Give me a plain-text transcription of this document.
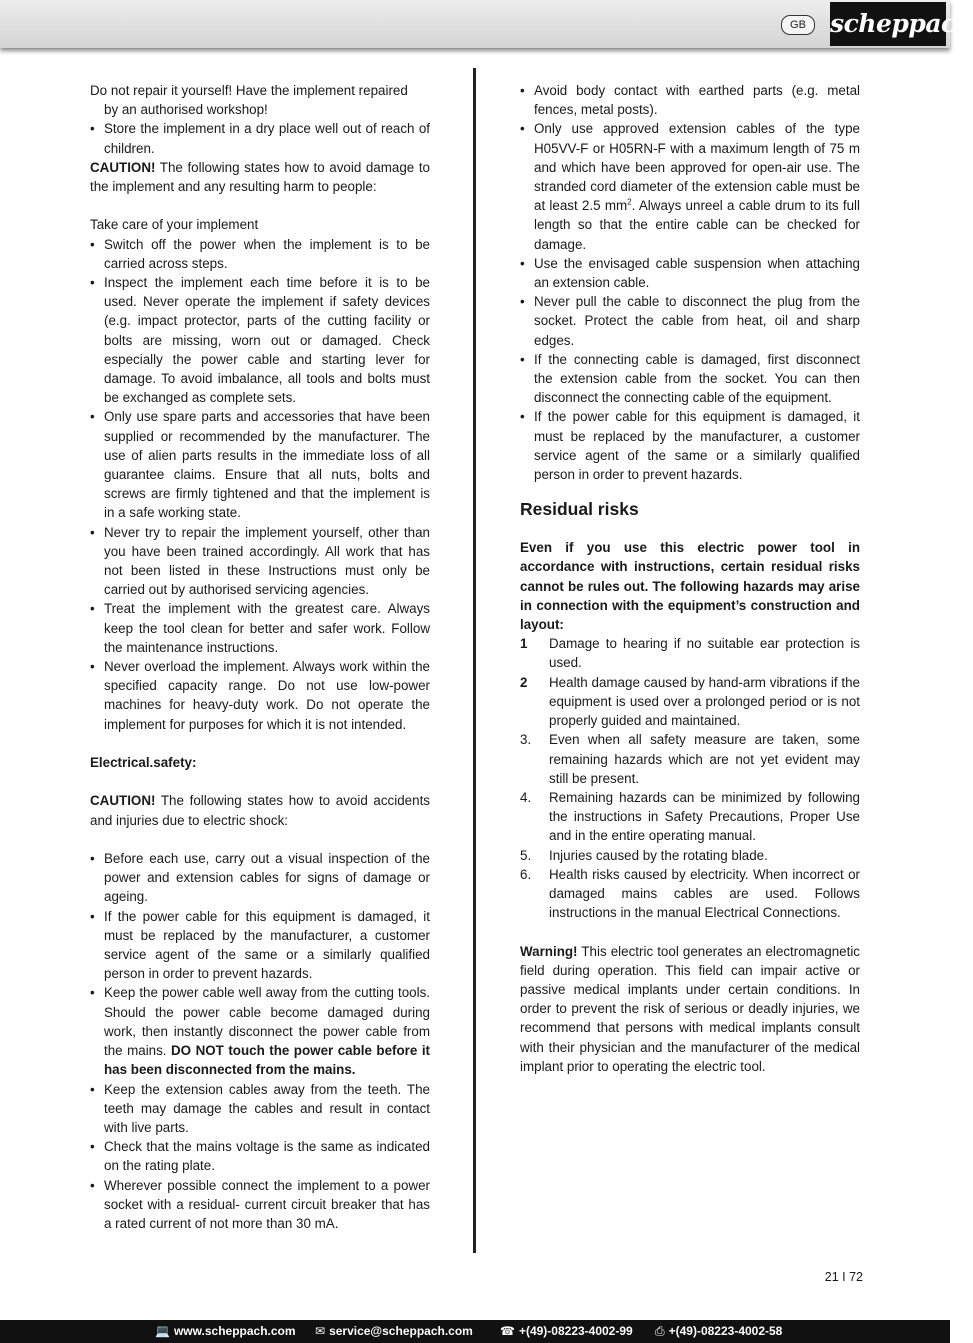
GB scheppach

Do not repair it yourself! Have the implement repaired

by an authorised workshop!

• Store the implement in a dry place well out of reach of children.

CAUTION! The following states how to avoid damage to the implement and any resulting harm to people:

Take care of your implement

• Switch off the power when the implement is to be carried across steps.
• Inspect the implement each time before it is to be used. Never operate the implement if safety devices (e.g. impact protector, parts of the cutting facility or bolts are missing, worn out or damaged. Check especially the power cable and starting lever for damage. To avoid imbalance, all tools and bolts must be exchanged as complete sets.
• Only use spare parts and accessories that have been supplied or recommended by the manufacturer. The use of alien parts results in the immediate loss of all guarantee claims. Ensure that all nuts, bolts and screws are firmly tightened and that the implement is in a safe working state.
• Never try to repair the implement yourself, other than you have been trained accordingly. All work that has not been listed in these Instructions must only be carried out by authorised servicing agencies.
• Treat the implement with the greatest care. Always keep the tool clean for better and safer work. Follow the maintenance instructions.
• Never overload the implement. Always work within the specified capacity range. Do not use low-power machines for heavy-duty work. Do not operate the implement for purposes for which it is not intended.

Electrical.safety:

CAUTION! The following states how to avoid accidents and injuries due to electric shock:

• Before each use, carry out a visual inspection of the power and extension cables for signs of damage or ageing.
• If the power cable for this equipment is damaged, it must be replaced by the manufacturer, a customer service agent of the same or a similarly qualified person in order to prevent hazards.
• Keep the power cable well away from the cutting tools. Should the power cable become damaged during work, then instantly disconnect the power cable from the mains. DO NOT touch the power cable before it has been disconnected from the mains.
• Keep the extension cables away from the teeth. The teeth may damage the cables and result in contact with live parts.
• Check that the mains voltage is the same as indicated on the rating plate.
• Wherever possible connect the implement to a power socket with a residual- current circuit breaker that has a rated current of not more than 30 mA.
• Avoid body contact with earthed parts (e.g. metal fences, metal posts).
• Only use approved extension cables of the type H05VV-F or H05RN-F with a maximum length of 75 m and which have been approved for open-air use. The stranded cord diameter of the extension cable must be at least 2.5 $mm^2$. Always unreel a cable drum to its full length so that the entire cable can be checked for damage.
• Use the envisaged cable suspension when attaching an extension cable.
• Never pull the cable to disconnect the plug from the socket. Protect the cable from heat, oil and sharp edges.
• If the connecting cable is damaged, first disconnect the extension cable from the socket. You can then disconnect the connecting cable of the equipment.
• If the power cable for this equipment is damaged, it must be replaced by the manufacturer, a customer service agent of the same or a similarly qualified person in order to prevent hazards.
Residual risks

Even if you use this electric power tool in accordance with instructions, certain residual risks cannot be rules out. The following hazards may arise in connection with the equipment’s construction and layout:

1 Damage to hearing if no suitable ear protection is used.
2 Health damage caused by hand-arm vibrations if the equipment is used over a prolonged period or is not properly guided and maintained.
3. Even when all safety measure are taken, some remaining hazards which are not yet evident may still be present.
4. Remaining hazards can be minimized by following the instructions in Safety Precautions, Proper Use and in the entire operating manual.
5. Injuries caused by the rotating blade.
6. Health risks caused by electricity. When incorrect or damaged mains cables are used. Follows instructions in the manual Electrical Connections.

Warning! This electric tool generates an electromagnetic field during operation. This field can impair active or passive medical implants under certain conditions. In order to prevent the risk of serious or deadly injuries, we recommend that persons with medical implants consult with their physician and the manufacturer of the medical implant prior to operating the electric tool.

21 I 72
💻 www.scheppach.com ✉ service@scheppach.com ☎ +(49)-08223-4002-99 ⎙ +(49)-08223-4002-58
